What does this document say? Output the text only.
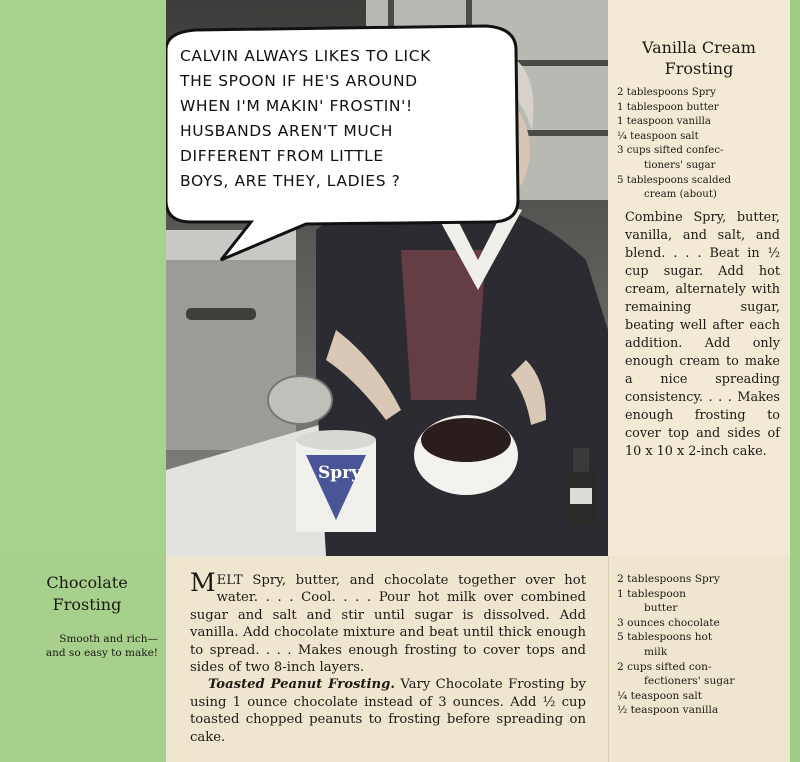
Spry
CALVIN ALWAYS LIKES TO LICK
THE SPOON IF HE'S AROUND
WHEN I'M MAKIN' FROSTIN'!
HUSBANDS AREN'T MUCH
DIFFERENT FROM LITTLE
BOYS, ARE THEY, LADIES ?
Vanilla Cream
Frosting
2 tablespoons Spry
1 tablespoon butter
1 teaspoon vanilla
¼ teaspoon salt
3 cups sifted confec-
tioners' sugar
5 tablespoons scalded
cream (about)
Combine Spry, butter, vanilla, and salt, and blend. . . . Beat in ½ cup sugar. Add hot cream, alternately with remaining sugar, beating well after each addition. Add only enough cream to make a nice spreading consistency. . . . Makes enough frosting to cover top and sides of 10 x 10 x 2-inch cake.
Chocolate
Frosting
Smooth and rich—
and so easy to make!
MELT Spry, butter, and chocolate together over hot water. . . . Cool. . . . Pour hot milk over combined sugar and salt and stir until sugar is dissolved. Add vanilla. Add chocolate mixture and beat until thick enough to spread. . . . Makes enough frosting to cover tops and sides of two 8-inch layers.
Toasted Peanut Frosting. Vary Chocolate Frosting by using 1 ounce chocolate instead of 3 ounces. Add ½ cup toasted chopped peanuts to frosting before spreading on cake.
2 tablespoons Spry
1 tablespoon
butter
3 ounces chocolate
5 tablespoons hot
milk
2 cups sifted con-
fectioners' sugar
¼ teaspoon salt
½ teaspoon vanilla
